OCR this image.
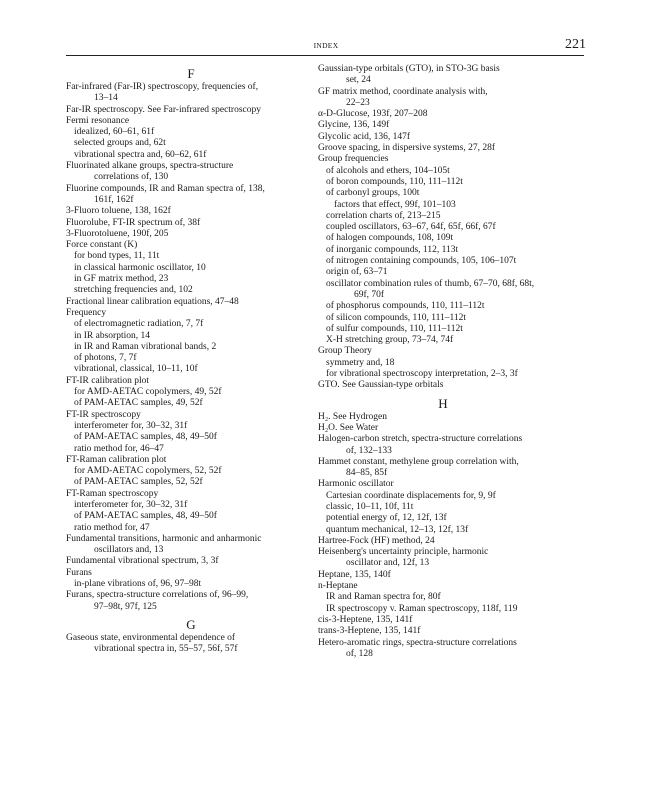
INDEX	221
F
Far-infrared (Far-IR) spectroscopy, frequencies of,
13–14
Far-IR spectroscopy. See Far-infrared spectroscopy
Fermi resonance
idealized, 60–61, 61f
selected groups and, 62t
vibrational spectra and, 60–62, 61f
Fluorinated alkane groups, spectra-structure
correlations of, 130
Fluorine compounds, IR and Raman spectra of, 138,
161f, 162f
3-Fluoro toluene, 138, 162f
Fluorolube, FT-IR spectrum of, 38f
3-Fluorotoluene, 190f, 205
Force constant (K)
for bond types, 11, 11t
in classical harmonic oscillator, 10
in GF matrix method, 23
stretching frequencies and, 102
Fractional linear calibration equations, 47–48
Frequency
of electromagnetic radiation, 7, 7f
in IR absorption, 14
in IR and Raman vibrational bands, 2
of photons, 7, 7f
vibrational, classical, 10–11, 10f
FT-IR calibration plot
for AMD-AETAC copolymers, 49, 52f
of PAM-AETAC samples, 49, 52f
FT-IR spectroscopy
interferometer for, 30–32, 31f
of PAM-AETAC samples, 48, 49–50f
ratio method for, 46–47
FT-Raman calibration plot
for AMD-AETAC copolymers, 52, 52f
of PAM-AETAC samples, 52, 52f
FT-Raman spectroscopy
interferometer for, 30–32, 31f
of PAM-AETAC samples, 48, 49–50f
ratio method for, 47
Fundamental transitions, harmonic and anharmonic
oscillators and, 13
Fundamental vibrational spectrum, 3, 3f
Furans
in-plane vibrations of, 96, 97–98t
Furans, spectra-structure correlations of, 96–99,
97–98t, 97f, 125
G
Gaseous state, environmental dependence of
vibrational spectra in, 55–57, 56f, 57f
Gaussian-type orbitals (GTO), in STO-3G basis
set, 24
GF matrix method, coordinate analysis with,
22–23
α-D-Glucose, 193f, 207–208
Glycine, 136, 149f
Glycolic acid, 136, 147f
Groove spacing, in dispersive systems, 27, 28f
Group frequencies
of alcohols and ethers, 104–105t
of boron compounds, 110, 111–112t
of carbonyl groups, 100t
factors that effect, 99f, 101–103
correlation charts of, 213–215
coupled oscillators, 63–67, 64f, 65f, 66f, 67f
of halogen compounds, 108, 109t
of inorganic compounds, 112, 113t
of nitrogen containing compounds, 105, 106–107t
origin of, 63–71
oscillator combination rules of thumb, 67–70, 68f, 68t,
69f, 70f
of phosphorus compounds, 110, 111–112t
of silicon compounds, 110, 111–112t
of sulfur compounds, 110, 111–112t
X-H stretching group, 73–74, 74f
Group Theory
symmetry and, 18
for vibrational spectroscopy interpretation, 2–3, 3f
GTO. See Gaussian-type orbitals
H
H₂. See Hydrogen
H₂O. See Water
Halogen-carbon stretch, spectra-structure correlations
of, 132–133
Hammet constant, methylene group correlation with,
84–85, 85f
Harmonic oscillator
Cartesian coordinate displacements for, 9, 9f
classic, 10–11, 10f, 11t
potential energy of, 12, 12f, 13f
quantum mechanical, 12–13, 12f, 13f
Hartree-Fock (HF) method, 24
Heisenberg's uncertainty principle, harmonic
oscillator and, 12f, 13
Heptane, 135, 140f
n-Heptane
IR and Raman spectra for, 80f
IR spectroscopy v. Raman spectroscopy, 118f, 119
cis-3-Heptene, 135, 141f
trans-3-Heptene, 135, 141f
Hetero-aromatic rings, spectra-structure correlations
of, 128
